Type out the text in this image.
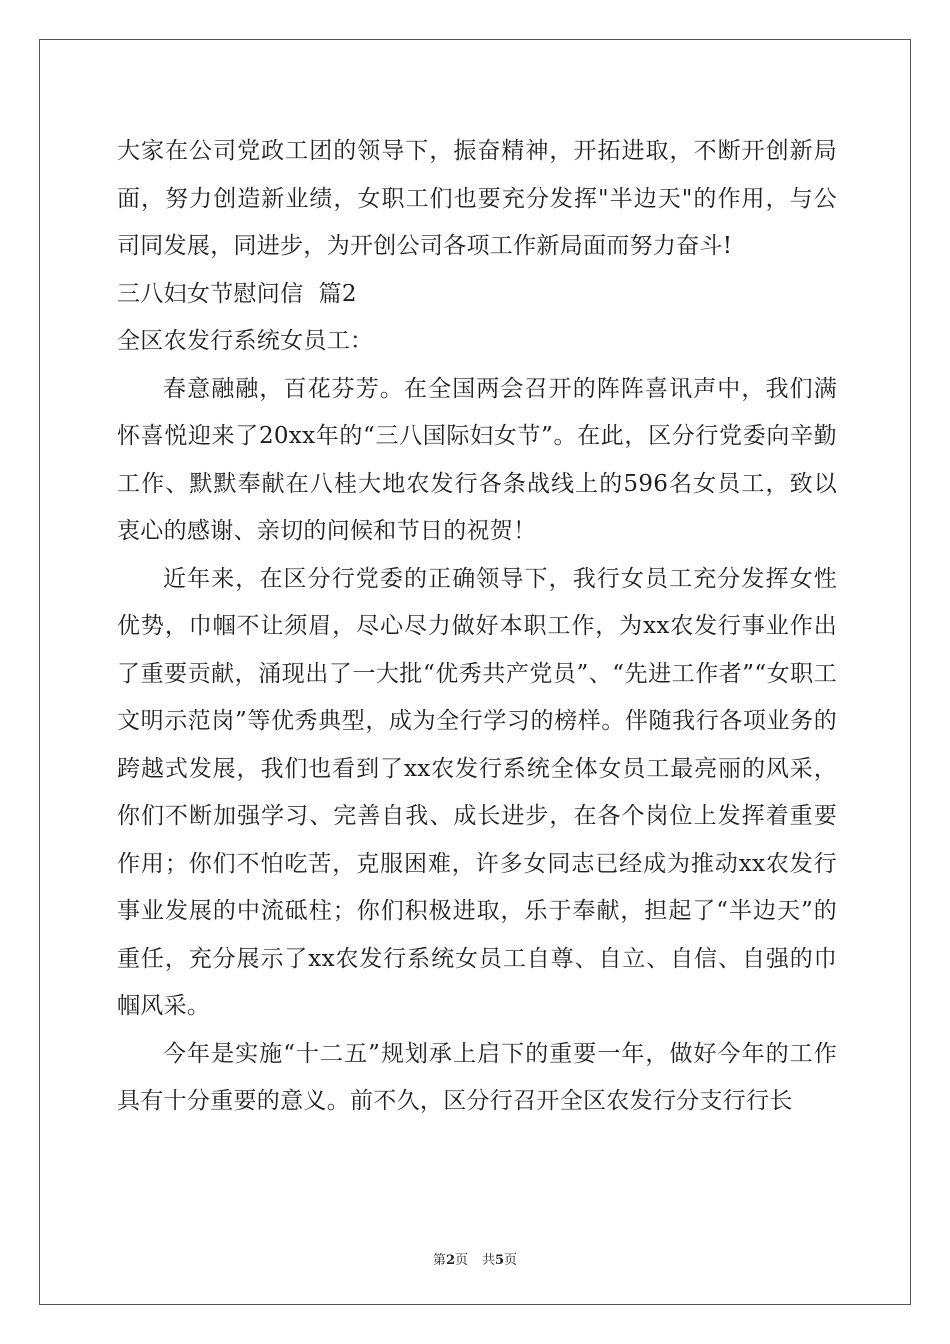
大家在公司党政工团的领导下，振奋精神，开拓进取，不断开创新局面，努力创造新业绩，女职工们也要充分发挥"半边天"的作用，与公司同发展，同进步，为开创公司各项工作新局面而努力奋斗!

三八妇女节慰问信  篇2

全区农发行系统女员工：

春意融融，百花芬芳。在全国两会召开的阵阵喜讯声中，我们满怀喜悦迎来了20xx年的“三八国际妇女节”。在此，区分行党委向辛勤工作、默默奉献在八桂大地农发行各条战线上的596名女员工，致以衷心的感谢、亲切的问候和节日的祝贺！

近年来，在区分行党委的正确领导下，我行女员工充分发挥女性优势，巾帼不让须眉，尽心尽力做好本职工作，为xx农发行事业作出了重要贡献，涌现出了一大批“优秀共产党员”、“先进工作者”“女职工文明示范岗”等优秀典型，成为全行学习的榜样。伴随我行各项业务的跨越式发展，我们也看到了xx农发行系统全体女员工最亮丽的风采，你们不断加强学习、完善自我、成长进步，在各个岗位上发挥着重要作用；你们不怕吃苦，克服困难，许多女同志已经成为推动xx农发行事业发展的中流砥柱；你们积极进取，乐于奉献，担起了“半边天”的重任，充分展示了xx农发行系统女员工自尊、自立、自信、自强的巾帼风采。

今年是实施“十二五”规划承上启下的重要一年，做好今年的工作具有十分重要的意义。前不久，区分行召开全区农发行分支行行长

第2页 共5页
